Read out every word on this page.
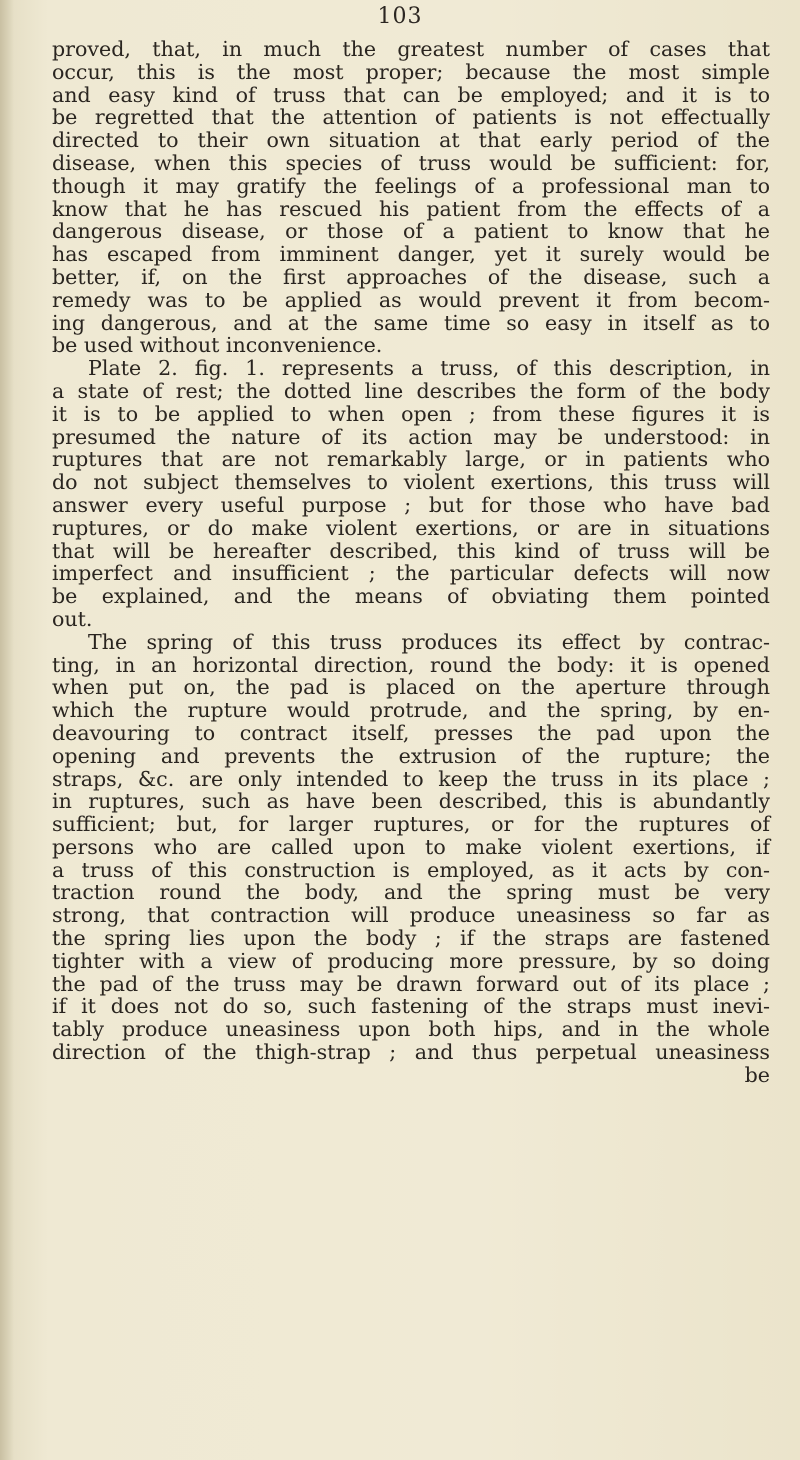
103
proved, that, in much the greatest number of cases that
occur, this is the most proper; because the most simple
and easy kind of truss that can be employed; and it is to
be regretted that the attention of patients is not effectually
directed to their own situation at that early period of the
disease, when this species of truss would be sufficient: for,
though it may gratify the feelings of a professional man to
know that he has rescued his patient from the effects of a
dangerous disease, or those of a patient to know that he
has escaped from imminent danger, yet it surely would be
better, if, on the first approaches of the disease, such a
remedy was to be applied as would prevent it from becom-
ing dangerous, and at the same time so easy in itself as to
be used without inconvenience.
Plate 2. fig. 1. represents a truss, of this description, in
a state of rest; the dotted line describes the form of the body
it is to be applied to when open ; from these figures it is
presumed the nature of its action may be understood: in
ruptures that are not remarkably large, or in patients who
do not subject themselves to violent exertions, this truss will
answer every useful purpose ; but for those who have bad
ruptures, or do make violent exertions, or are in situations
that will be hereafter described, this kind of truss will be
imperfect and insufficient ; the particular defects will now
be explained, and the means of obviating them pointed
out.
The spring of this truss produces its effect by contrac-
ting, in an horizontal direction, round the body: it is opened
when put on, the pad is placed on the aperture through
which the rupture would protrude, and the spring, by en-
deavouring to contract itself, presses the pad upon the
opening and prevents the extrusion of the rupture; the
straps, &c. are only intended to keep the truss in its place ;
in ruptures, such as have been described, this is abundantly
sufficient; but, for larger ruptures, or for the ruptures of
persons who are called upon to make violent exertions, if
a truss of this construction is employed, as it acts by con-
traction round the body, and the spring must be very
strong, that contraction will produce uneasiness so far as
the spring lies upon the body ; if the straps are fastened
tighter with a view of producing more pressure, by so doing
the pad of the truss may be drawn forward out of its place ;
if it does not do so, such fastening of the straps must inevi-
tably produce uneasiness upon both hips, and in the whole
direction of the thigh-strap ; and thus perpetual uneasiness
be
